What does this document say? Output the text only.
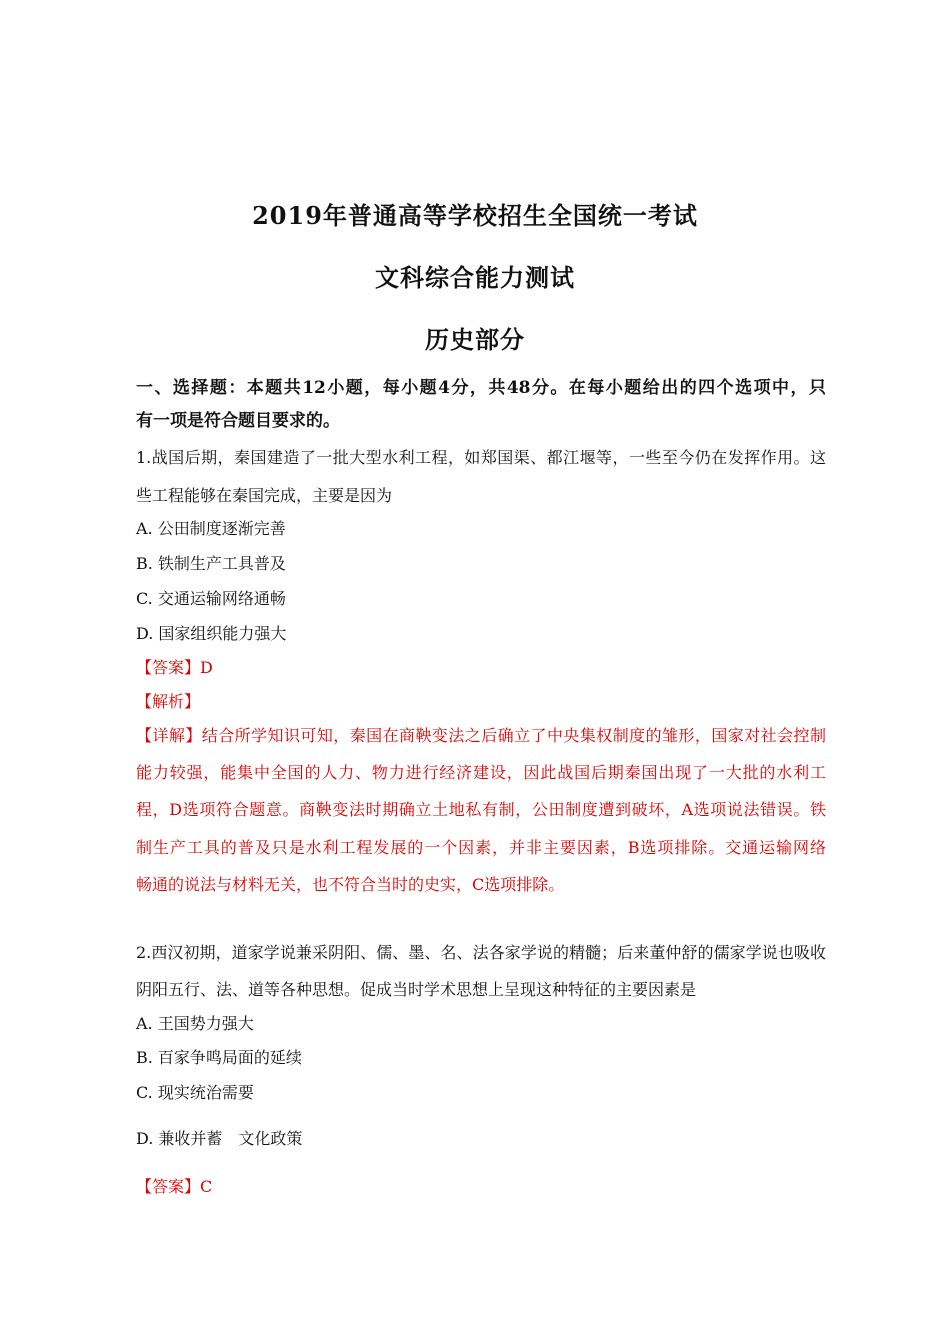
2019年普通高等学校招生全国统一考试
文科综合能力测试
历史部分
一、选择题：本题共12小题，每小题4分，共48分。在每小题给出的四个选项中，只
有一项是符合题目要求的。
1.战国后期，秦国建造了一批大型水利工程，如郑国渠、都江堰等，一些至今仍在发挥作用。这
些工程能够在秦国完成，主要是因为
A. 公田制度逐渐完善
B. 铁制生产工具普及
C. 交通运输网络通畅
D. 国家组织能力强大
【答案】D
【解析】
【详解】结合所学知识可知，秦国在商鞅变法之后确立了中央集权制度的雏形，国家对社会控制
能力较强，能集中全国的人力、物力进行经济建设，因此战国后期秦国出现了一大批的水利工
程，D选项符合题意。商鞅变法时期确立土地私有制，公田制度遭到破坏，A选项说法错误。铁
制生产工具的普及只是水利工程发展的一个因素，并非主要因素，B选项排除。交通运输网络
畅通的说法与材料无关，也不符合当时的史实，C选项排除。
2.西汉初期，道家学说兼采阴阳、儒、墨、名、法各家学说的精髓；后来董仲舒的儒家学说也吸收
阴阳五行、法、道等各种思想。促成当时学术思想上呈现这种特征的主要因素是
A. 王国势力强大
B. 百家争鸣局面的延续
C. 现实统治需要
D. 兼收并蓄　文化政策
【答案】C
